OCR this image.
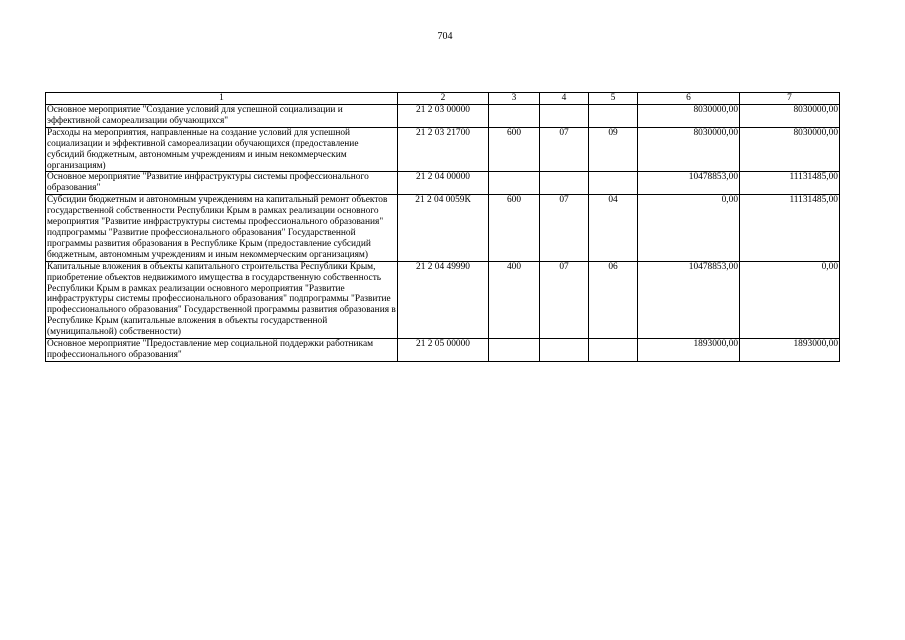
704
1	2	3	4	5	6	7
Основное мероприятие "Создание условий для успешной социализации и эффективной самореализации обучающихся"	21 2 03 00000				8030000,00	8030000,00
Расходы на мероприятия, направленные на создание условий для успешной социализации и эффективной самореализации обучающихся (предоставление субсидий бюджетным, автономным учреждениям и иным некоммерческим организациям)	21 2 03 21700	600	07	09	8030000,00	8030000,00
Основное мероприятие "Развитие инфраструктуры системы профессионального образования"	21 2 04 00000				10478853,00	11131485,00
Субсидии бюджетным и автономным учреждениям на капитальный ремонт объектов государственной собственности Республики Крым в рамках реализации основного мероприятия "Развитие инфраструктуры системы профессионального образования" подпрограммы "Развитие профессионального образования" Государственной программы развития образования в Республике Крым (предоставление субсидий бюджетным, автономным учреждениям и иным некоммерческим организациям)	21 2 04 0059К	600	07	04	0,00	11131485,00
Капитальные вложения в объекты капитального строительства Республики Крым, приобретение объектов недвижимого имущества в государственную собственность Республики Крым в рамках реализации основного мероприятия "Развитие инфраструктуры системы профессионального образования" подпрограммы "Развитие профессионального образования" Государственной программы развития образования в Республике Крым (капитальные вложения в объекты государственной (муниципальной) собственности)	21 2 04 49990	400	07	06	10478853,00	0,00
Основное мероприятие "Предоставление мер социальной поддержки работникам профессионального образования"	21 2 05 00000				1893000,00	1893000,00
